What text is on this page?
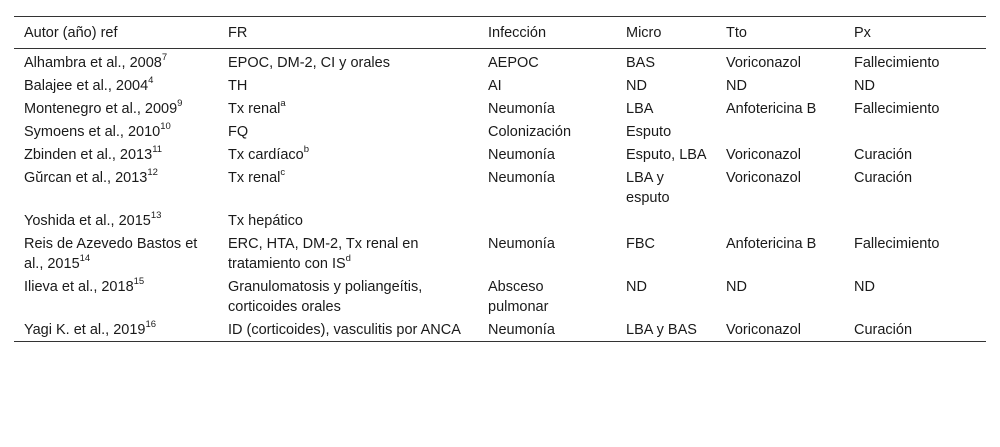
Autor (año) ref	FR	Infección	Micro	Tto	Px
Alhambra et al., 2008$^7$	EPOC, DM-2, CI y orales	AEPOC	BAS	Voriconazol	Fallecimiento
Balajee et al., 2004$^4$	TH	AI	ND	ND	ND
Montenegro et al., 2009$^9$	Tx renal$^a$	Neumonía	LBA	Anfotericina B	Fallecimiento
Symoens et al., 2010$^{10}$	FQ	Colonización	Esputo		
Zbinden et al., 2013$^{11}$	Tx cardíaco$^b$	Neumonía	Esputo, LBA	Voriconazol	Curación
Gŭrcan et al., 2013$^{12}$	Tx renal$^c$	Neumonía	LBA y esputo	Voriconazol	Curación
Yoshida et al., 2015$^{13}$	Tx hepático				
Reis de Azevedo Bastos et al., 2015$^{14}$	ERC, HTA, DM-2, Tx renal en tratamiento con $IS^d$	Neumonía	FBC	Anfotericina B	Fallecimiento
Ilieva et al., 2018$^{15}$	Granulomatosis y poliangeítis, corticoides orales	Absceso pulmonar	ND	ND	ND
Yagi K. et al., 2019$^{16}$	ID (corticoides), vasculitis por ANCA	Neumonía	LBA y BAS	Voriconazol	Curación
